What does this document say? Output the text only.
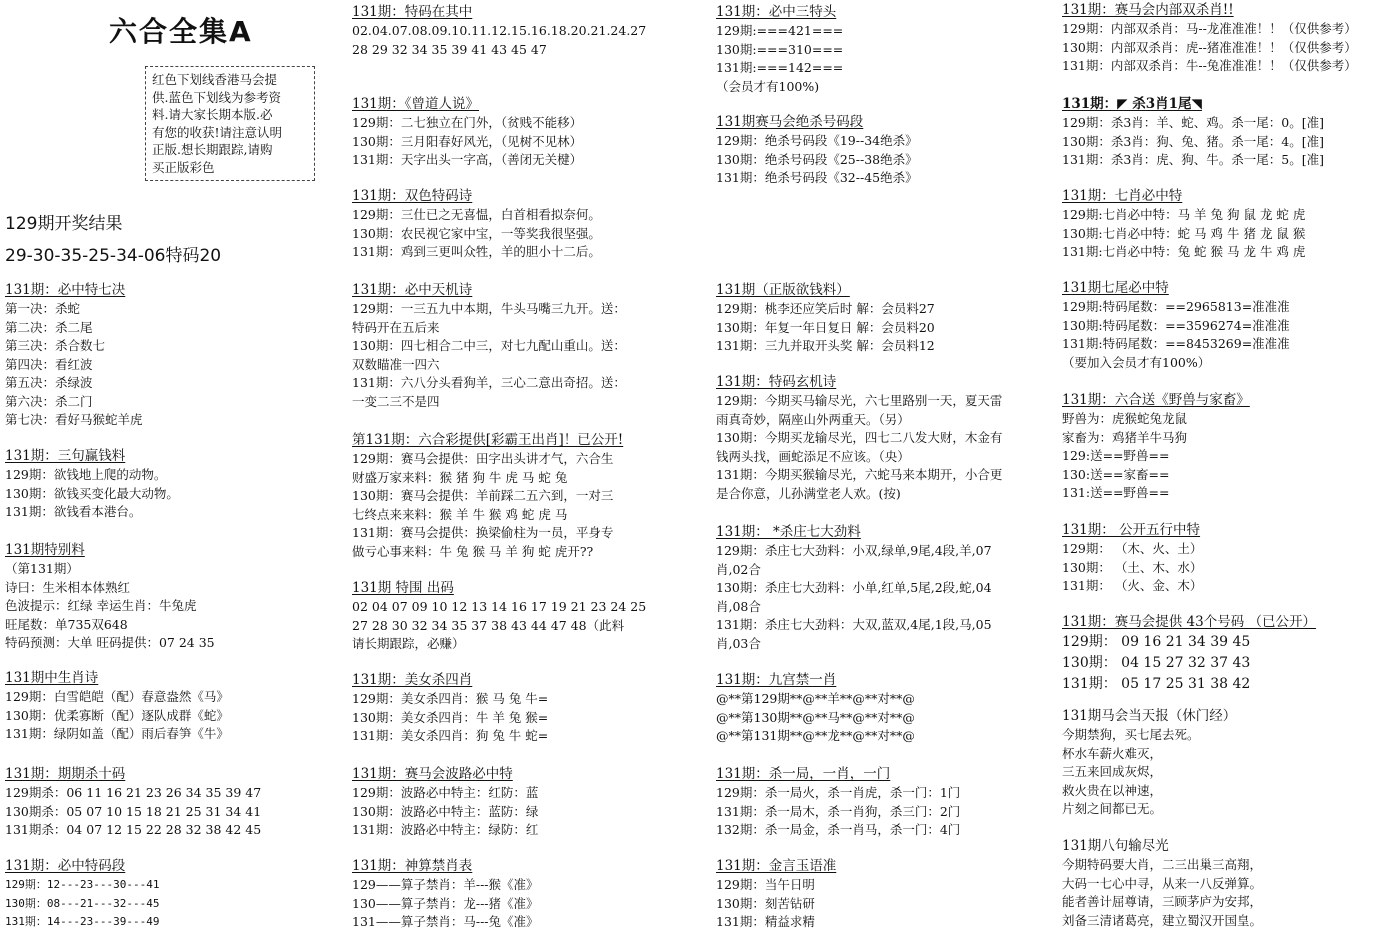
六合全集A
红色下划线香港马会提
供.蓝色下划线为参考资
料.请大家长期本版.必
有您的收获!请注意认明
正版.想长期跟踪,请购
买正版彩色
129期开奖结果
29-30-35-25-34-06特码20
131期：必中特七决
第一决：杀蛇
第二决：杀二尾
第三决：杀合数七
第四决：看红波
第五决：杀绿波
第六决：杀二门
第七决：看好马猴蛇羊虎
131期：三句赢钱料
129期：欲钱地上爬的动物。
130期：欲钱买变化最大动物。
131期：欲钱看本港台。
131期特别料
（第131期）
诗曰：生米相本体熟红
色波提示：红绿 幸运生肖：牛兔虎
旺尾数：单735双648
特码预测：大单 旺码提供：07 24 35
131期中生肖诗
129期：白雪皑皑（配）春意盎然《马》
130期：优柔寡断（配）逐队成群《蛇》
131期：绿阴如盖（配）雨后春笋《牛》
131期：期期杀十码
129期杀：06 11 16 21 23 26 34 35 39 47
130期杀：05 07 10 15 18 21 25 31 34 41
131期杀：04 07 12 15 22 28 32 38 42 45
131期：必中特码段
129期：12---23---30---41
130期：08---21---32---45
131期：14---23---39---49
131期：特码在其中
02.04.07.08.09.10.11.12.15.16.18.20.21.24.27
28 29 32 34 35 39 41 43 45 47
131期：《曾道人说》
129期：二七独立在门外，（贫贱不能移）
130期：三月阳春好风光，（见树不见林）
131期：天字出头一字高，（善闭无关楗）
131期：双色特码诗
129期：三仕已之无喜愠，白首相看拟奈何。
130期：农民视它家中宝，一等奖我很坚强。
131期：鸡到三更叫众牲，羊的胆小十二后。
131期：必中天机诗
129期：一三五九中本期，牛头马嘴三九开。送：
特码开在五后来
130期：四七相合二中三，对七九配山重山。送：
双数瞄准一四六
131期：六八分头看狗羊，三心二意出奇招。送：
一变二三不是四
第131期：六合彩提供[彩霸王出肖]！已公开!
129期：赛马会提供：田字出头讲才气，六合生
财盛万家来料：猴 猪 狗 牛 虎 马 蛇 兔
130期：赛马会提供：羊前踩二五六到，一对三
七终点来来料：猴 羊 牛 猴 鸡 蛇 虎 马
131期：赛马会提供：换梁偷柱为一员，平身专
做亏心事来料：牛 兔 猴 马 羊 狗 蛇 虎开??
131期 特围 出码
02 04 07 09 10 12 13 14 16 17 19 21 23 24 25
27 28 30 32 34 35 37 38 43 44 47 48（此料
请长期跟踪，必赚）
131期：美女杀四肖
129期：美女杀四肖：猴 马 兔 牛=
130期：美女杀四肖：牛 羊 兔 猴=
131期：美女杀四肖：狗 兔 牛 蛇=
131期：赛马会波路必中特
129期：波路必中特主：红防：蓝
130期：波路必中特主：蓝防：绿
131期：波路必中特主：绿防：红
131期：神算禁肖表
129——算子禁肖：羊---猴《准》
130——算子禁肖：龙---猪《准》
131——算子禁肖：马---兔《准》
131期：必中三特头
129期:===421===
130期:===310===
131期:===142===
（会员才有100%)
131期赛马会绝杀号码段
129期：绝杀号码段《19--34绝杀》
130期：绝杀号码段《25--38绝杀》
131期：绝杀号码段《32--45绝杀》
131期（正版欲钱料）
129期：桃李还应笑后时 解：会员料27
130期：年复一年日复日 解：会员料20
131期：三九并取开头奖 解：会员料12
131期：特码玄机诗
129期：今期买马输尽光，六七里路别一天，夏天雷
雨真奇妙，隔座山外两重天。（另）
130期：今期买龙输尽光，四七二八发大财，木金有
钱两头找，画蛇添足不应该。（央）
131期：今期买猴输尽光，六蛇马来本期开，小合更
是合你意，儿孙满堂老人欢。(按)
131期： *杀庄七大劲料
129期：杀庄七大劲料：小双,绿单,9尾,4段,羊,07
肖,02合
130期：杀庄七大劲料：小单,红单,5尾,2段,蛇,04
肖,08合
131期：杀庄七大劲料：大双,蓝双,4尾,1段,马,05
肖,03合
131期：九宫禁一肖
@**第129期**@**羊**@**对**@
@**第130期**@**马**@**对**@
@**第131期**@**龙**@**对**@
131期：杀一局，一肖，一门
129期：杀一局火，杀一肖虎，杀一门：1门
131期：杀一局木，杀一肖狗，杀三门：2门
132期：杀一局金，杀一肖马，杀一门：4门
131期：金言玉语准
129期：当午日明
130期：刻苦钻研
131期：精益求精
131期：赛马会内部双杀肖!!
129期：内部双杀肖：马--龙准准准！！（仅供参考）
130期：内部双杀肖：虎--猪准准准！！（仅供参考）
131期：内部双杀肖：牛--兔准准准！！（仅供参考）
131期：◤ 杀3肖1尾◥
129期：杀3肖：羊、蛇、鸡。杀一尾：0。[准]
130期：杀3肖：狗、兔、猪。杀一尾：4。[准]
131期：杀3肖：虎、狗、牛。杀一尾：5。[准]
131期：七肖必中特
129期:七肖必中特：马 羊 兔 狗 鼠 龙 蛇 虎
130期:七肖必中特：蛇 马 鸡 牛 猪 龙 鼠 猴
131期:七肖必中特：兔 蛇 猴 马 龙 牛 鸡 虎
131期七尾必中特
129期:特码尾数：==2965813=准准准
130期:特码尾数：==3596274=准准准
131期:特码尾数：==8453269=准准准
（要加入会员才有100%）
131期：六合送《野兽与家畜》
野兽为：虎猴蛇兔龙鼠
家畜为：鸡猪羊牛马狗
129:送==野兽==
130:送==家畜==
131:送==野兽==
131期： 公开五行中特
129期： （木、火、土）
130期： （土、木、水）
131期： （火、金、木）
131期：赛马会提供 43个号码 （已公开）
129期： 09 16 21 34 39 45
130期： 04 15 27 32 37 43
131期： 05 17 25 31 38 42
131期马会当天报（休门经）
今期禁狗，买七尾去死。
杯水车薪火难灭，
三五来回成灰烬，
救火贵在以神速，
片刻之间都已无。
131期八句输尽光
今期特码要大肖，二三出巢三高翔，
大码一七心中寻，从来一八反弹算。
能者善计屈尊请，三顾茅庐为安邦，
刘备三清诸葛亮，建立蜀汉开国皇。
